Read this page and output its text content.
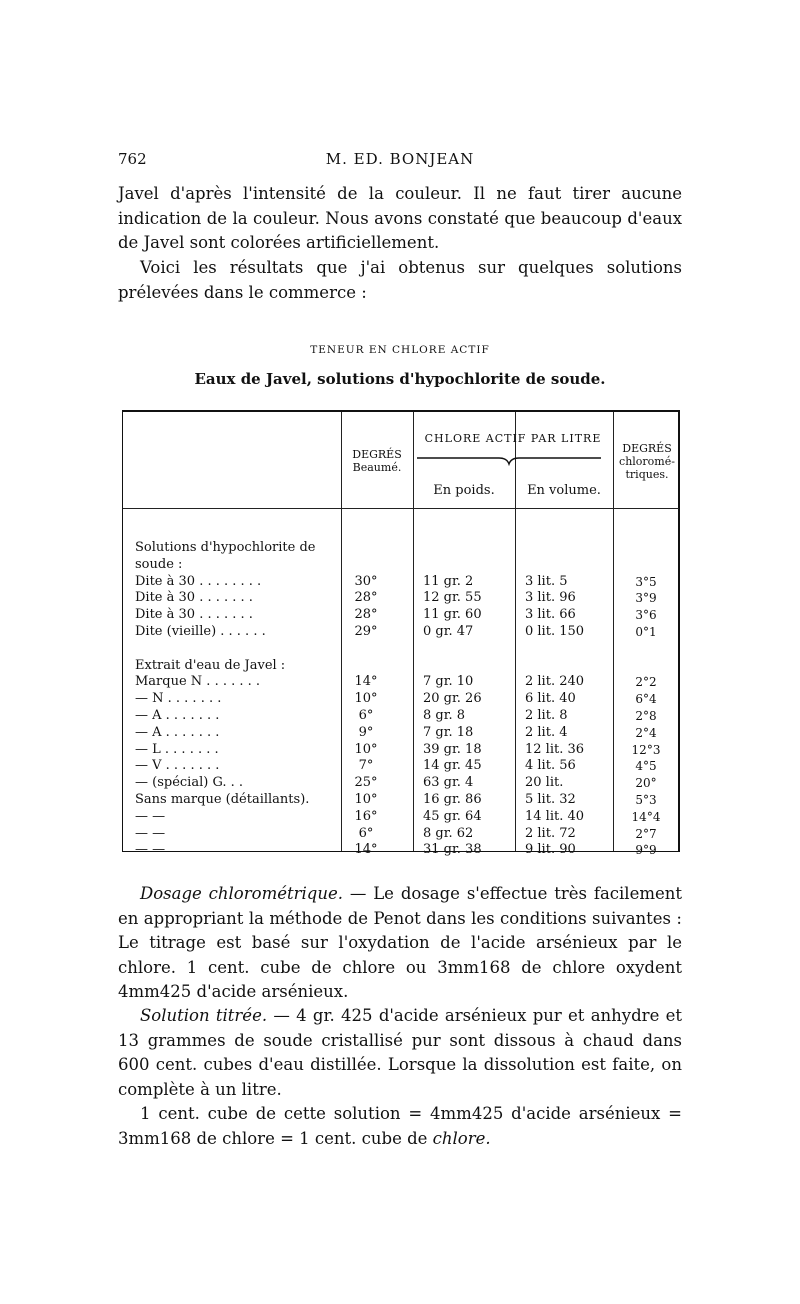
762	M. ED. BONJEAN

Javel d'après l'intensité de la couleur. Il ne faut tirer aucune indication de la couleur. Nous avons constaté que beaucoup d'eaux de Javel sont colorées artificiellement.

Voici les résultats que j'ai obtenus sur quelques solutions prélevées dans le commerce :

TENEUR EN CHLORE ACTIF
Eaux de Javel, solutions d'hypochlorite de soude.
DEGRÉS Beaumé.
CHLORE ACTIF PAR LITRE
En poids.	En volume.
DEGRÉS chloromé-triques.
Solutions d'hypochlorite de
soude :
Dite à 30 . . . . . . . .
Dite à 30 . . . . . . .
Dite à 30 . . . . . . .
Dite (vieille) . . . . . .
Extrait d'eau de Javel :
Marque N . . . . . . .
— N . . . . . . .
— A . . . . . . .
— A . . . . . . .
— L . . . . . . .
— V . . . . . . .
— (spécial) G. . .
Sans marque (détaillants).
— —
— —
— —
30°
28°
28°
29°
14°
10°
6°
9°
10°
7°
25°
10°
16°
6°
14°
11 gr. 2
12 gr. 55
11 gr. 60
0 gr. 47
7 gr. 10
20 gr. 26
8 gr. 8
7 gr. 18
39 gr. 18
14 gr. 45
63 gr. 4
16 gr. 86
45 gr. 64
8 gr. 62
31 gr. 38
3 lit. 5
3 lit. 96
3 lit. 66
0 lit. 150
2 lit. 240
6 lit. 40
2 lit. 8
2 lit. 4
12 lit. 36
4 lit. 56
20 lit.
5 lit. 32
14 lit. 40
2 lit. 72
9 lit. 90
3°5
3°9
3°6
0°1
2°2
6°4
2°8
2°4
12°3
4°5
20°
5°3
14°4
2°7
9°9

Dosage chlorométrique. — Le dosage s'effectue très facilement en appropriant la méthode de Penot dans les conditions suivantes : Le titrage est basé sur l'oxydation de l'acide arsénieux par le chlore. 1 cent. cube de chlore ou 3mm168 de chlore oxydent 4mm425 d'acide arsénieux.

Solution titrée. — 4 gr. 425 d'acide arsénieux pur et anhydre et 13 grammes de soude cristallisé pur sont dissous à chaud dans 600 cent. cubes d'eau distillée. Lorsque la dissolution est faite, on complète à un litre.

1 cent. cube de cette solution = 4mm425 d'acide arsénieux = 3mm168 de chlore = 1 cent. cube de chlore.
